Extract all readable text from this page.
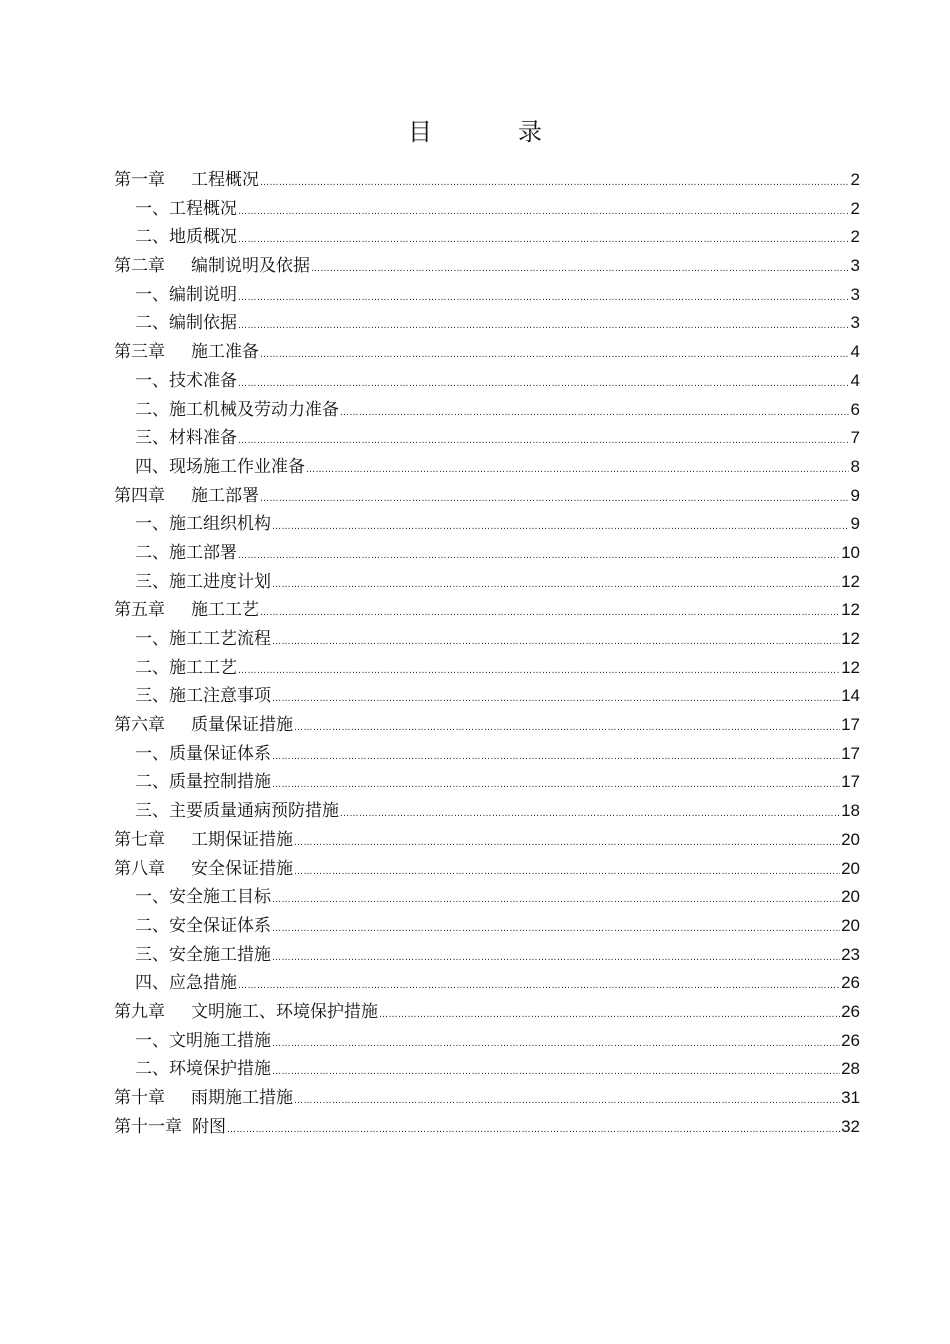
目	录
第一章 工程概况 ……………………………………………………………………………………………………………………………………………………………………………………………………	2
一、工程概况 ……………………………………………………………………………………………………………………………………………………………………………………………………	2
二、地质概况 ……………………………………………………………………………………………………………………………………………………………………………………………………	2
第二章 编制说明及依据 ……………………………………………………………………………………………………………………………………………………………………………………………………	3
一、编制说明 ……………………………………………………………………………………………………………………………………………………………………………………………………	3
二、编制依据 ……………………………………………………………………………………………………………………………………………………………………………………………………	3
第三章 施工准备 ……………………………………………………………………………………………………………………………………………………………………………………………………	4
一、技术准备 ……………………………………………………………………………………………………………………………………………………………………………………………………	4
二、施工机械及劳动力准备 ……………………………………………………………………………………………………………………………………………………………………………………………………	6
三、材料准备 ……………………………………………………………………………………………………………………………………………………………………………………………………	7
四、现场施工作业准备 ……………………………………………………………………………………………………………………………………………………………………………………………………	8
第四章 施工部署 ……………………………………………………………………………………………………………………………………………………………………………………………………	9
一、施工组织机构 ……………………………………………………………………………………………………………………………………………………………………………………………………	9
二、施工部署 ……………………………………………………………………………………………………………………………………………………………………………………………………	10
三、施工进度计划 ……………………………………………………………………………………………………………………………………………………………………………………………………	12
第五章 施工工艺 ……………………………………………………………………………………………………………………………………………………………………………………………………	12
一、施工工艺流程 ……………………………………………………………………………………………………………………………………………………………………………………………………	12
二、施工工艺 ……………………………………………………………………………………………………………………………………………………………………………………………………	12
三、施工注意事项 ……………………………………………………………………………………………………………………………………………………………………………………………………	14
第六章 质量保证措施 ……………………………………………………………………………………………………………………………………………………………………………………………………	17
一、质量保证体系 ……………………………………………………………………………………………………………………………………………………………………………………………………	17
二、质量控制措施 ……………………………………………………………………………………………………………………………………………………………………………………………………	17
三、主要质量通病预防措施 ……………………………………………………………………………………………………………………………………………………………………………………………………	18
第七章 工期保证措施 ……………………………………………………………………………………………………………………………………………………………………………………………………	20
第八章 安全保证措施 ……………………………………………………………………………………………………………………………………………………………………………………………………	20
一、安全施工目标 ……………………………………………………………………………………………………………………………………………………………………………………………………	20
二、安全保证体系 ……………………………………………………………………………………………………………………………………………………………………………………………………	20
三、安全施工措施 ……………………………………………………………………………………………………………………………………………………………………………………………………	23
四、应急措施 ……………………………………………………………………………………………………………………………………………………………………………………………………	26
第九章 文明施工、环境保护措施 ……………………………………………………………………………………………………………………………………………………………………………………………………	26
一、文明施工措施 ……………………………………………………………………………………………………………………………………………………………………………………………………	26
二、环境保护措施 ……………………………………………………………………………………………………………………………………………………………………………………………………	28
第十章 雨期施工措施 ……………………………………………………………………………………………………………………………………………………………………………………………………	31
第十一章 附图 ……………………………………………………………………………………………………………………………………………………………………………………………………	32
